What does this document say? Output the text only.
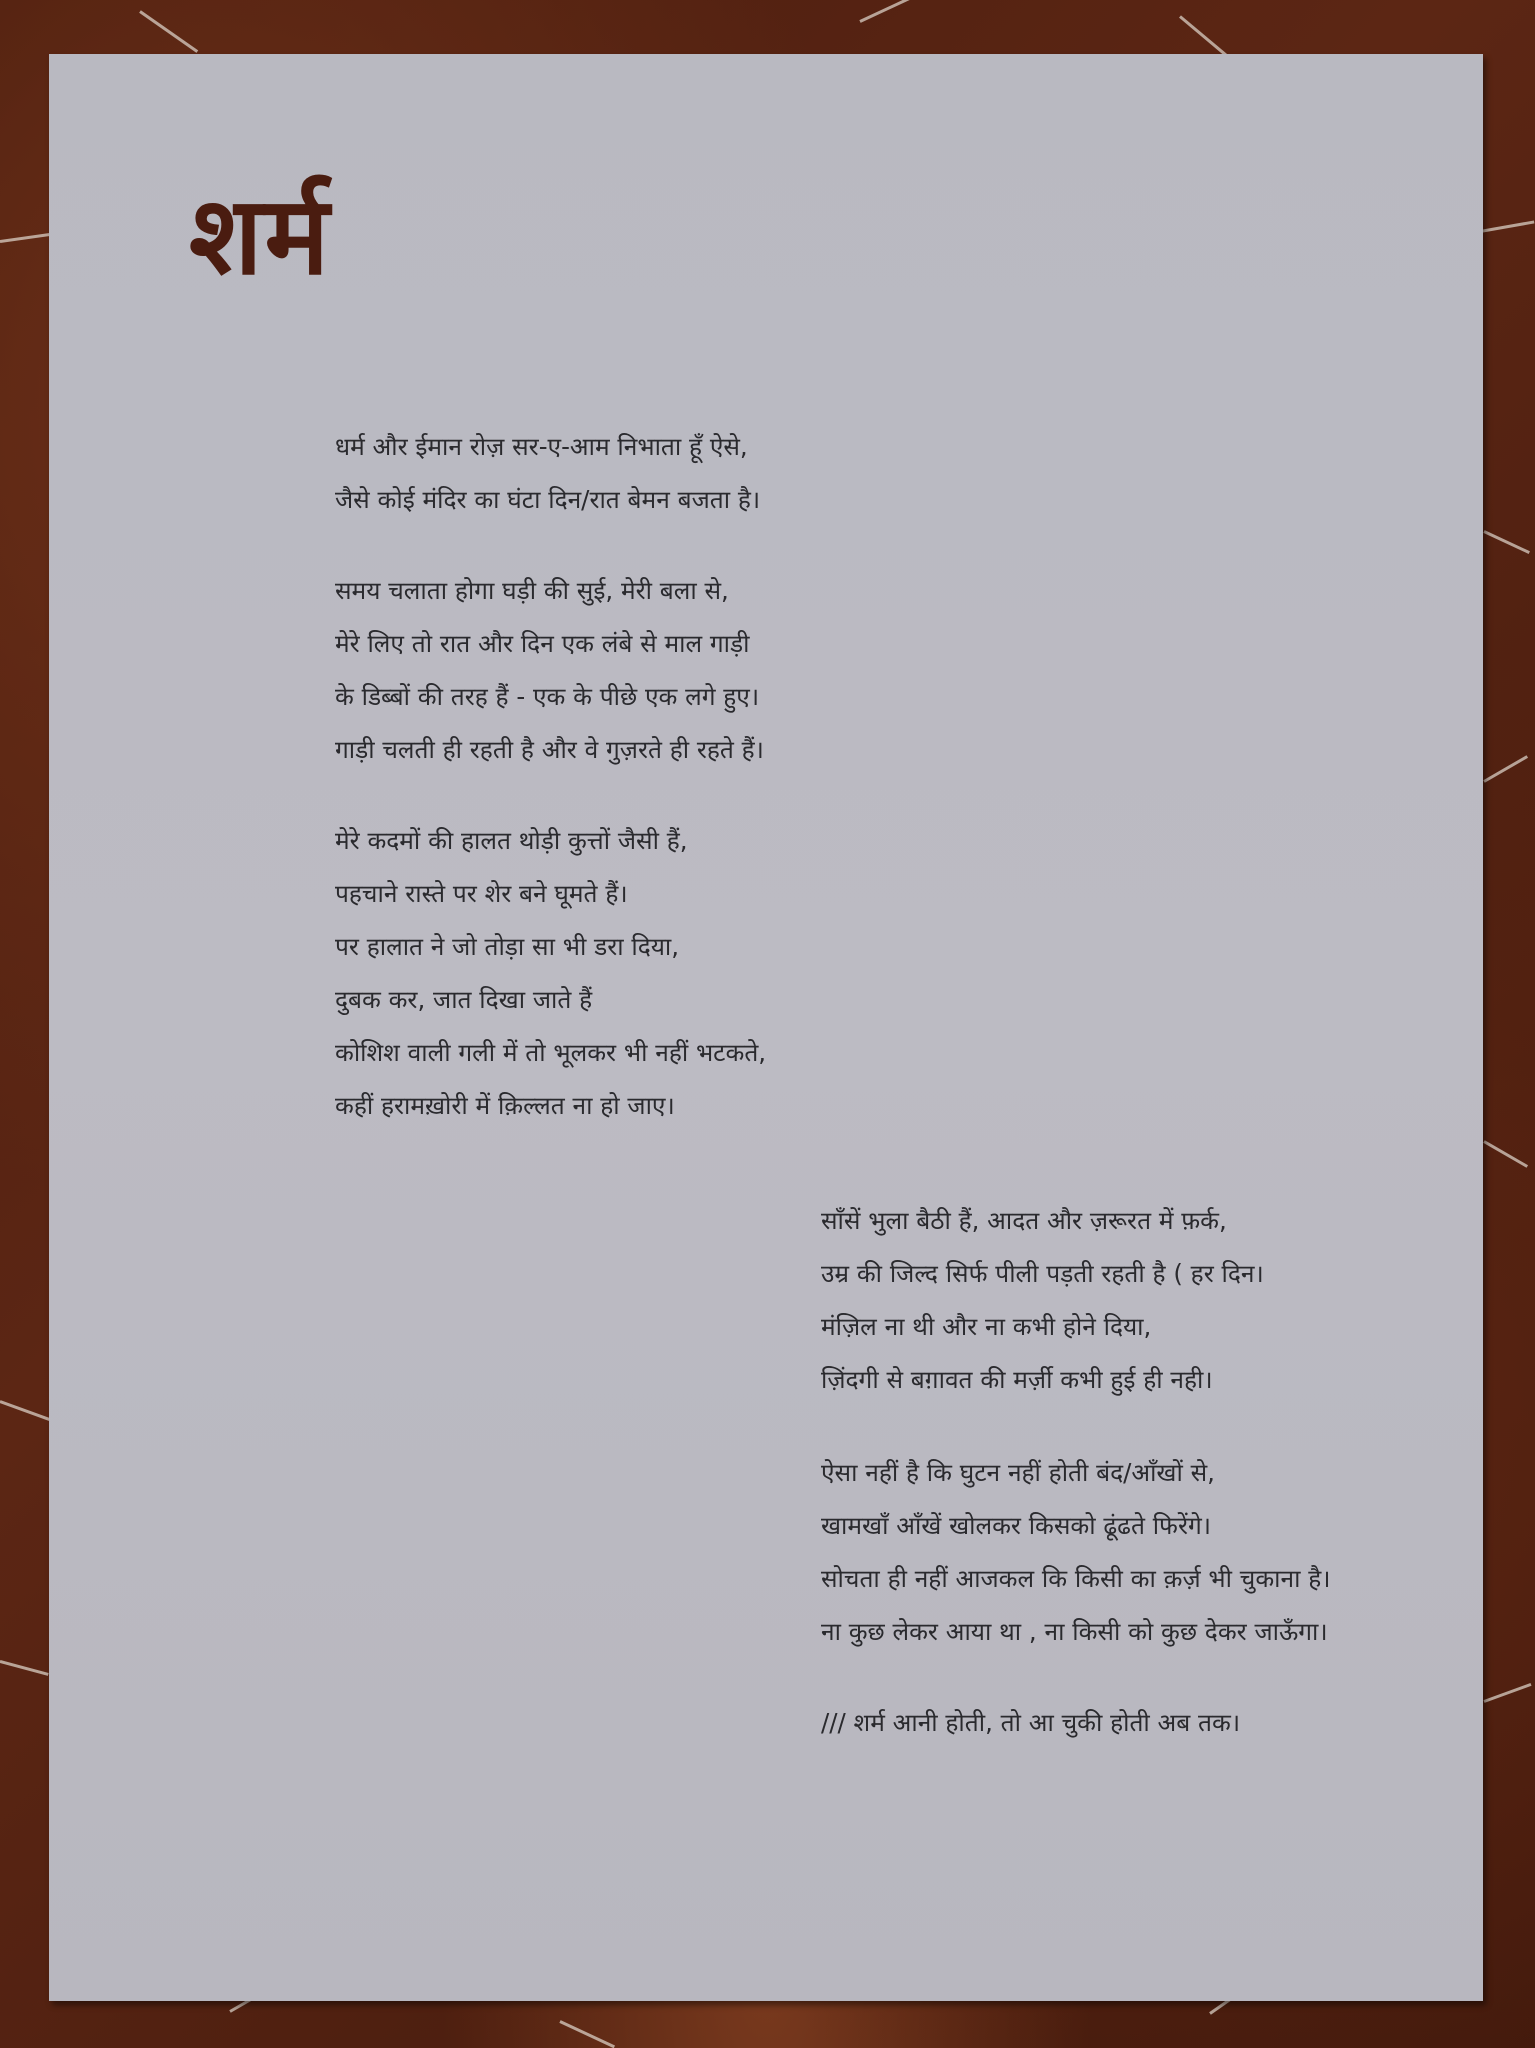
शर्म
धर्म और ईमान रोज़ सर-ए-आम निभाता हूँ ऐसे,
जैसे कोई मंदिर का घंटा दिन/रात बेमन बजता है।
समय चलाता होगा घड़ी की सुई, मेरी बला से,
मेरे लिए तो रात और दिन एक लंबे से माल गाड़ी
के डिब्बों की तरह हैं - एक के पीछे एक लगे हुए।
गाड़ी चलती ही रहती है और वे गुज़रते ही रहते हैं।
मेरे कदमों की हालत थोड़ी कुत्तों जैसी हैं,
पहचाने रास्ते पर शेर बने घूमते हैं।
पर हालात ने जो तोड़ा सा भी डरा दिया,
दुबक कर, जात दिखा जाते हैं
कोशिश वाली गली में तो भूलकर भी नहीं भटकते,
कहीं हरामख़ोरी में क़िल्लत ना हो जाए।
साँसें भुला बैठी हैं, आदत और ज़रूरत में फ़र्क,
उम्र की जिल्द सिर्फ पीली पड़ती रहती है ( हर दिन।
मंज़िल ना थी और ना कभी होने दिया,
ज़िंदगी से बग़ावत की मर्ज़ी कभी हुई ही नही।
ऐसा नहीं है कि घुटन नहीं होती बंद/आँखों से,
खामखाँ आँखें खोलकर किसको ढूंढते फिरेंगे।
सोचता ही नहीं आजकल कि किसी का क़र्ज़ भी चुकाना है।
ना कुछ लेकर आया था , ना किसी को कुछ देकर जाऊँगा।
/// शर्म आनी होती, तो आ चुकी होती अब तक।
